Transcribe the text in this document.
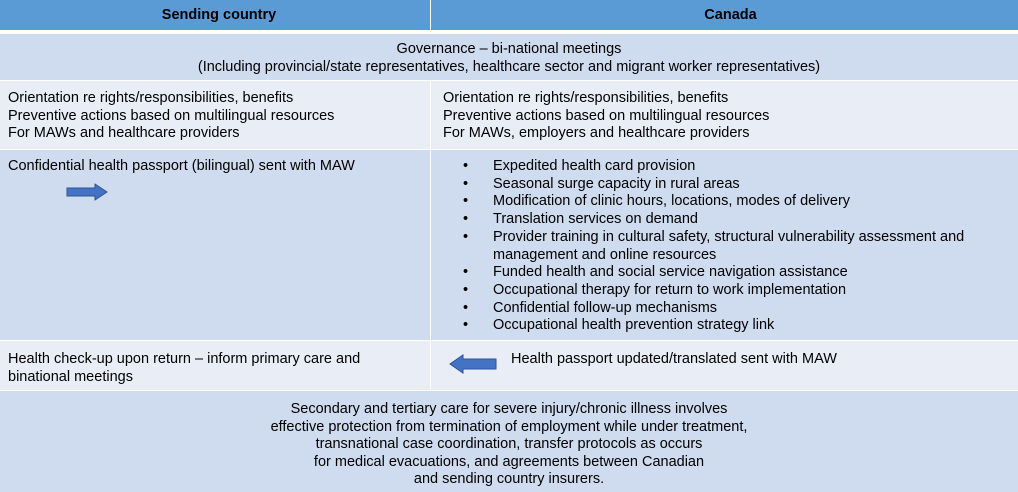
Sending country	Canada
Governance – bi-national meetings
(Including provincial/state representatives, healthcare sector and migrant worker representatives)
Orientation re rights/responsibilities, benefits
Preventive actions based on multilingual resources
For MAWs and healthcare providers
Orientation re rights/responsibilities, benefits
Preventive actions based on multilingual resources
For MAWs, employers and healthcare providers
Confidential health passport (bilingual) sent with MAW	• Expedited health card provision
• Seasonal surge capacity in rural areas
• Modification of clinic hours, locations, modes of delivery
• Translation services on demand
• Provider training in cultural safety, structural vulnerability assessment and
management and online resources
• Funded health and social service navigation assistance
• Occupational therapy for return to work implementation
• Confidential follow-up mechanisms
• Occupational health prevention strategy link
Health check-up upon return – inform primary care and
binational meetings
Health passport updated/translated sent with MAW
Secondary and tertiary care for severe injury/chronic illness involves
effective protection from termination of employment while under treatment,
transnational case coordination, transfer protocols as occurs
for medical evacuations, and agreements between Canadian
and sending country insurers.
